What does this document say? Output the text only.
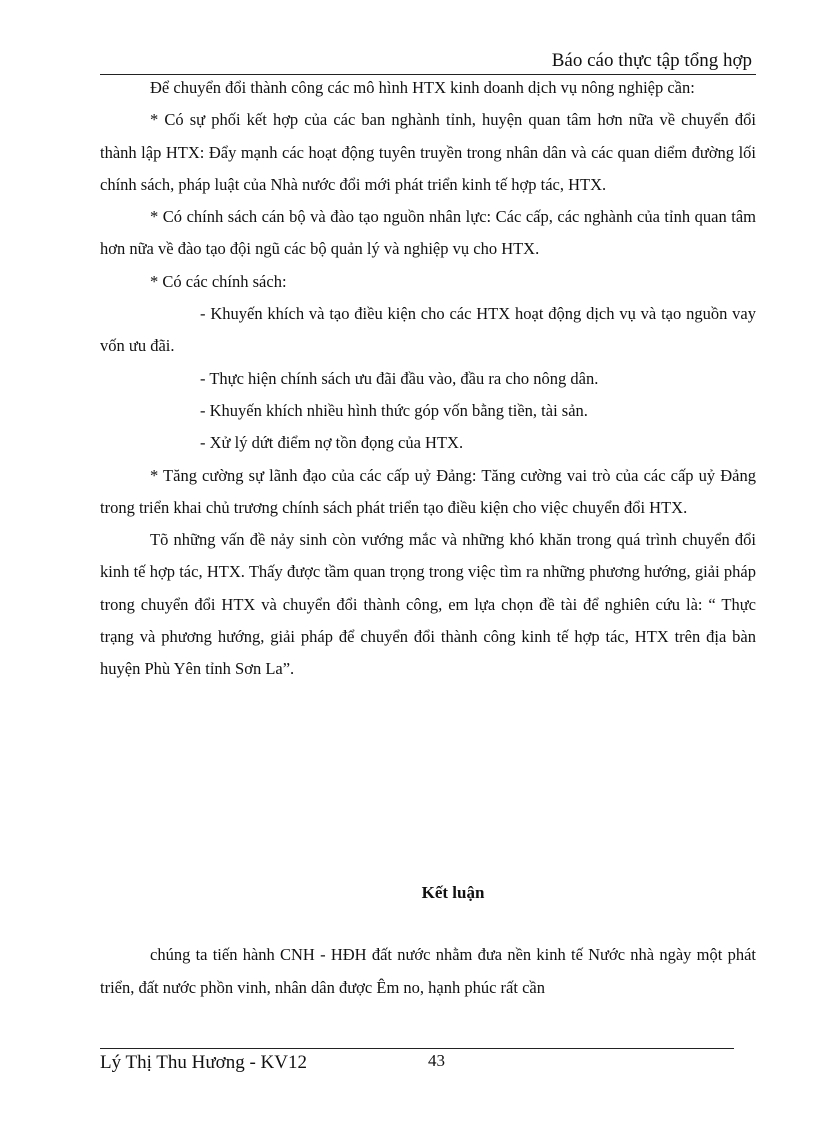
Báo cáo thực tập tổng hợp

Để chuyển đổi thành công các mô hình HTX kinh doanh dịch vụ nông nghiệp cần:

* Có sự phối kết hợp của các ban nghành tỉnh, huyện quan tâm hơn nữa về chuyển đổi thành lập HTX: Đẩy mạnh các hoạt động tuyên truyền trong nhân dân và các quan diểm đường lối chính sách, pháp luật của Nhà nước đổi mới phát triển kinh tế hợp tác, HTX.

* Có chính sách cán bộ và đào tạo nguồn nhân lực: Các cấp, các nghành của tỉnh quan tâm hơn nữa về đào tạo đội ngũ các bộ quản lý và nghiệp vụ cho HTX.

* Có các chính sách:

- Khuyến khích và tạo điều kiện cho các HTX hoạt động dịch vụ và tạo nguồn vay vốn ưu đãi.

- Thực hiện chính sách ưu đãi đầu vào, đầu ra cho nông dân.

- Khuyến khích nhiều hình thức góp vốn bằng tiền, tài sản.

- Xử lý dứt điểm nợ tồn đọng của HTX.

* Tăng cường sự lãnh đạo của các cấp uỷ Đảng: Tăng cường vai trò của các cấp uỷ Đảng trong triển khai chủ trương chính sách phát triển tạo điều kiện cho việc chuyển đổi HTX.

Tõ những vấn đề nảy sinh còn vướng mắc và những khó khăn trong quá trình chuyển đổi kinh tế hợp tác, HTX. Thấy được tầm quan trọng trong việc tìm ra những phương hướng, giải pháp trong chuyển đổi HTX và chuyển đổi thành công, em lựa chọn đề tài để nghiên cứu là: “ Thực trạng và phương hướng, giải pháp để chuyển đổi thành công kinh tế hợp tác, HTX trên địa bàn huyện Phù Yên tỉnh Sơn La”.

Kết luận

chúng ta tiến hành CNH - HĐH đất nước nhằm đưa nền kinh tế Nước nhà ngày một phát triển, đất nước phồn vinh, nhân dân được Êm no, hạnh phúc rất cần

Lý Thị Thu Hương - KV12	43
